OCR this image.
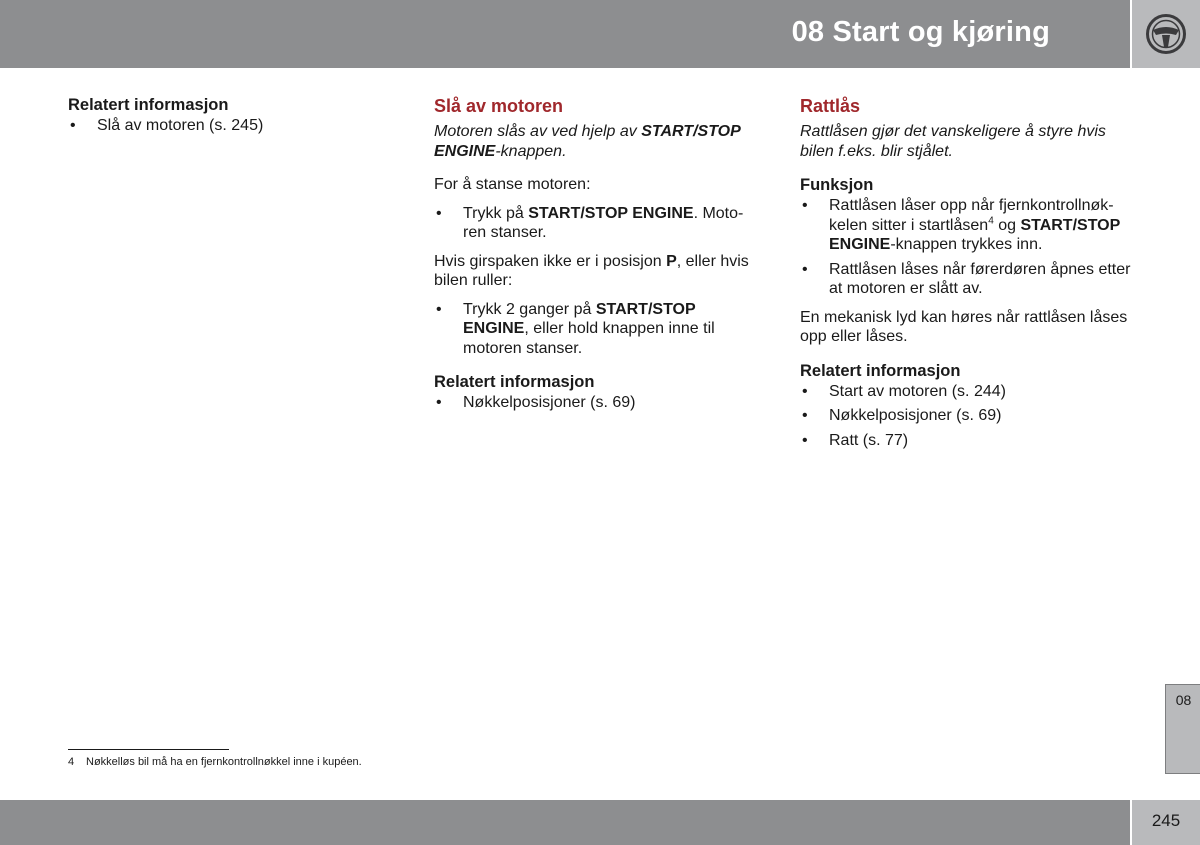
08 Start og kjøring
Relatert informasjon
• Slå av motoren (s. 245)
Slå av motoren
Motoren slås av ved hjelp av START/STOP ENGINE-knappen.

For å stanse motoren:

• Trykk på START/STOP ENGINE. Moto-ren stanser.

Hvis girspaken ikke er i posisjon P, eller hvis bilen ruller:

• Trykk 2 ganger på START/STOP ENGINE, eller hold knappen inne til motoren stanser.
Relatert informasjon
• Nøkkelposisjoner (s. 69)
Rattlås
Rattlåsen gjør det vanskeligere å styre hvis bilen f.eks. blir stjålet.
Funksjon
• Rattlåsen låser opp når fjernkontrollnøk-kelen sitter i startlåsen$^4$ og START/STOP ENGINE-knappen trykkes inn.
• Rattlåsen låses når førerdøren åpnes etter at motoren er slått av.

En mekanisk lyd kan høres når rattlåsen låses opp eller låses.

Relatert informasjon
• Start av motoren (s. 244)
• Nøkkelposisjoner (s. 69)
• Ratt (s. 77)
4 Nøkkelløs bil må ha en fjernkontrollnøkkel inne i kupéen.
08
245
